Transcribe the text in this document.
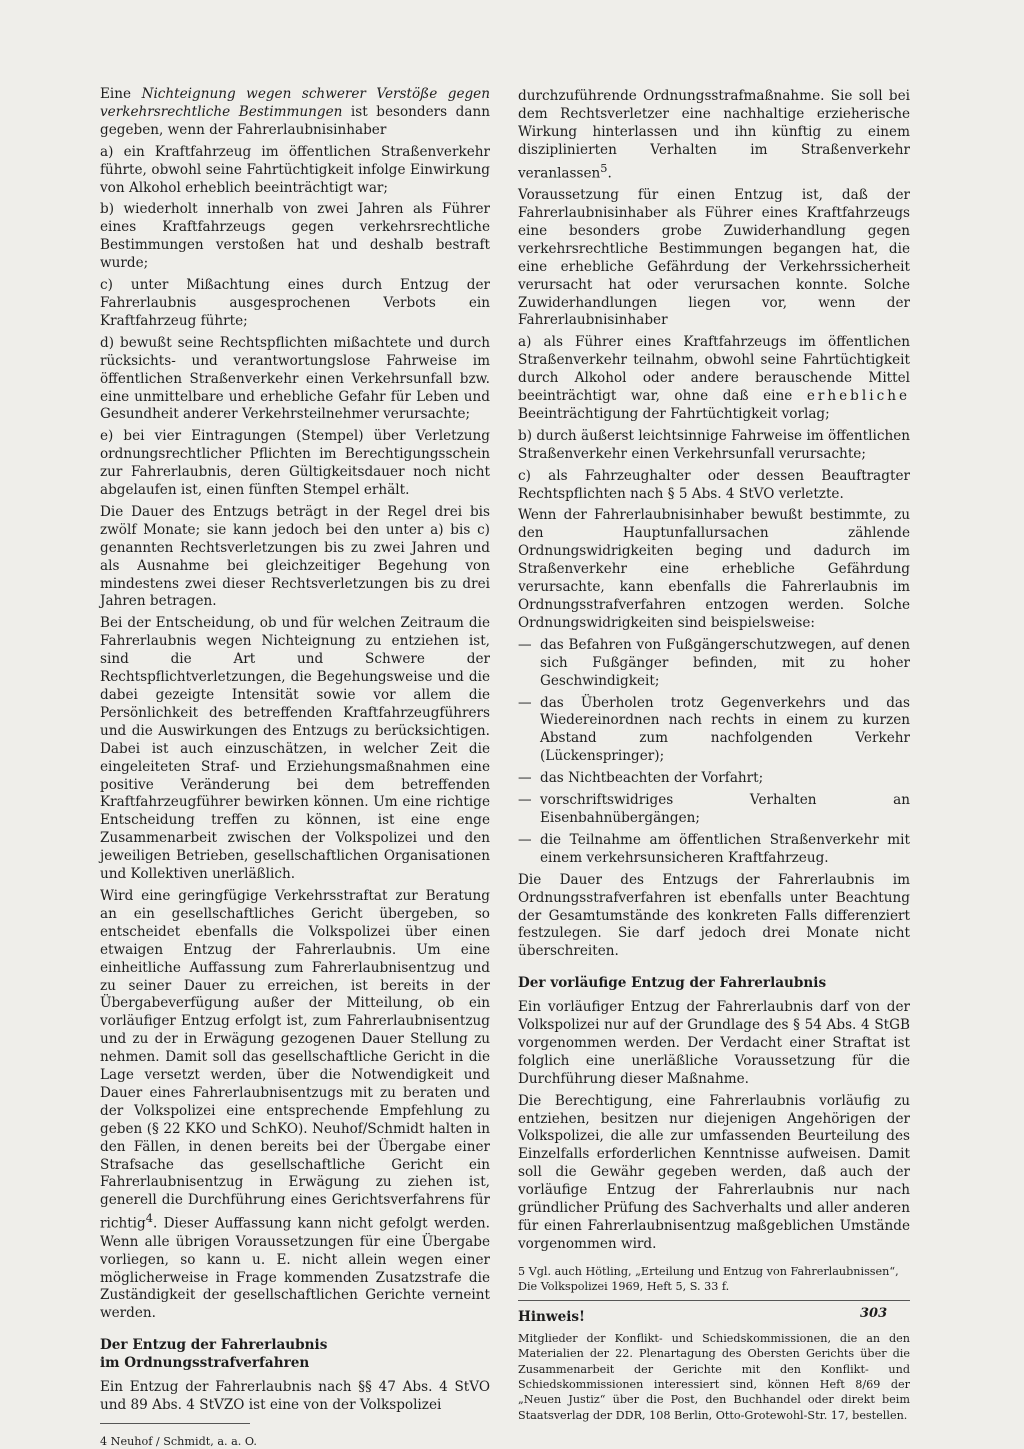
Eine Nichteignung wegen schwerer Verstöße gegen verkehrsrechtliche Bestimmungen ist besonders dann gegeben, wenn der Fahrerlaubnisinhaber

a) ein Kraftfahrzeug im öffentlichen Straßenverkehr führte, obwohl seine Fahrtüchtigkeit infolge Einwirkung von Alkohol erheblich beeinträchtigt war;

b) wiederholt innerhalb von zwei Jahren als Führer eines Kraftfahrzeugs gegen verkehrsrechtliche Bestimmungen verstoßen hat und deshalb bestraft wurde;

c) unter Mißachtung eines durch Entzug der Fahrerlaubnis ausgesprochenen Verbots ein Kraftfahrzeug führte;

d) bewußt seine Rechtspflichten mißachtete und durch rücksichts- und verantwortungslose Fahrweise im öffentlichen Straßenverkehr einen Verkehrsunfall bzw. eine unmittelbare und erhebliche Gefahr für Leben und Gesundheit anderer Verkehrsteilnehmer verursachte;

e) bei vier Eintragungen (Stempel) über Verletzung ordnungsrechtlicher Pflichten im Berechtigungsschein zur Fahrerlaubnis, deren Gültigkeitsdauer noch nicht abgelaufen ist, einen fünften Stempel erhält.

Die Dauer des Entzugs beträgt in der Regel drei bis zwölf Monate; sie kann jedoch bei den unter a) bis c) genannten Rechtsverletzungen bis zu zwei Jahren und als Ausnahme bei gleichzeitiger Begehung von mindestens zwei dieser Rechtsverletzungen bis zu drei Jahren betragen.

Bei der Entscheidung, ob und für welchen Zeitraum die Fahrerlaubnis wegen Nichteignung zu entziehen ist, sind die Art und Schwere der Rechtspflichtverletzungen, die Begehungsweise und die dabei gezeigte Intensität sowie vor allem die Persönlichkeit des betreffenden Kraftfahrzeugführers und die Auswirkungen des Entzugs zu berücksichtigen. Dabei ist auch einzuschätzen, in welcher Zeit die eingeleiteten Straf- und Erziehungsmaßnahmen eine positive Veränderung bei dem betreffenden Kraftfahrzeugführer bewirken können. Um eine richtige Entscheidung treffen zu können, ist eine enge Zusammenarbeit zwischen der Volkspolizei und den jeweiligen Betrieben, gesellschaftlichen Organisationen und Kollektiven unerläßlich.

Wird eine geringfügige Verkehrsstraftat zur Beratung an ein gesellschaftliches Gericht übergeben, so entscheidet ebenfalls die Volkspolizei über einen etwaigen Entzug der Fahrerlaubnis. Um eine einheitliche Auffassung zum Fahrerlaubnisentzug und zu seiner Dauer zu erreichen, ist bereits in der Übergabeverfügung außer der Mitteilung, ob ein vorläufiger Entzug erfolgt ist, zum Fahrerlaubnisentzug und zu der in Erwägung gezogenen Dauer Stellung zu nehmen. Damit soll das gesellschaftliche Gericht in die Lage versetzt werden, über die Notwendigkeit und Dauer eines Fahrerlaubnisentzugs mit zu beraten und der Volkspolizei eine entsprechende Empfehlung zu geben (§ 22 KKO und SchKO). Neuhof/Schmidt halten in den Fällen, in denen bereits bei der Übergabe einer Strafsache das gesellschaftliche Gericht ein Fahrerlaubnisentzug in Erwägung zu ziehen ist, generell die Durchführung eines Gerichtsverfahrens für richtig$^4$. Dieser Auffassung kann nicht gefolgt werden. Wenn alle übrigen Voraussetzungen für eine Übergabe vorliegen, so kann u. E. nicht allein wegen einer möglicherweise in Frage kommenden Zusatzstrafe die Zuständigkeit der gesellschaftlichen Gerichte verneint werden.

Der Entzug der Fahrerlaubnis
im Ordnungsstrafverfahren

Ein Entzug der Fahrerlaubnis nach §§ 47 Abs. 4 StVO und 89 Abs. 4 StVZO ist eine von der Volkspolizei

4 Neuhof / Schmidt, a. a. O.

durchzuführende Ordnungsstrafmaßnahme. Sie soll bei dem Rechtsverletzer eine nachhaltige erzieherische Wirkung hinterlassen und ihn künftig zu einem disziplinierten Verhalten im Straßenverkehr veranlassen$^5$.

Voraussetzung für einen Entzug ist, daß der Fahrerlaubnisinhaber als Führer eines Kraftfahrzeugs eine besonders grobe Zuwiderhandlung gegen verkehrsrechtliche Bestimmungen begangen hat, die eine erhebliche Gefährdung der Verkehrssicherheit verursacht hat oder verursachen konnte. Solche Zuwiderhandlungen liegen vor, wenn der Fahrerlaubnisinhaber

a) als Führer eines Kraftfahrzeugs im öffentlichen Straßenverkehr teilnahm, obwohl seine Fahrtüchtigkeit durch Alkohol oder andere berauschende Mittel beeinträchtigt war, ohne daß eine erhebliche Beeinträchtigung der Fahrtüchtigkeit vorlag;

b) durch äußerst leichtsinnige Fahrweise im öffentlichen Straßenverkehr einen Verkehrsunfall verursachte;

c) als Fahrzeughalter oder dessen Beauftragter Rechtspflichten nach § 5 Abs. 4 StVO verletzte.

Wenn der Fahrerlaubnisinhaber bewußt bestimmte, zu den Hauptunfallursachen zählende Ordnungswidrigkeiten beging und dadurch im Straßenverkehr eine erhebliche Gefährdung verursachte, kann ebenfalls die Fahrerlaubnis im Ordnungsstrafverfahren entzogen werden. Solche Ordnungswidrigkeiten sind beispielsweise:

— das Befahren von Fußgängerschutzwegen, auf denen sich Fußgänger befinden, mit zu hoher Geschwindigkeit;
— das Überholen trotz Gegenverkehrs und das Wiedereinordnen nach rechts in einem zu kurzen Abstand zum nachfolgenden Verkehr (Lückenspringer);
— das Nichtbeachten der Vorfahrt;
— vorschriftswidriges Verhalten an Eisenbahnübergängen;
— die Teilnahme am öffentlichen Straßenverkehr mit einem verkehrsunsicheren Kraftfahrzeug.

Die Dauer des Entzugs der Fahrerlaubnis im Ordnungsstrafverfahren ist ebenfalls unter Beachtung der Gesamtumstände des konkreten Falls differenziert festzulegen. Sie darf jedoch drei Monate nicht überschreiten.

Der vorläufige Entzug der Fahrerlaubnis

Ein vorläufiger Entzug der Fahrerlaubnis darf von der Volkspolizei nur auf der Grundlage des § 54 Abs. 4 StGB vorgenommen werden. Der Verdacht einer Straftat ist folglich eine unerläßliche Voraussetzung für die Durchführung dieser Maßnahme.

Die Berechtigung, eine Fahrerlaubnis vorläufig zu entziehen, besitzen nur diejenigen Angehörigen der Volkspolizei, die alle zur umfassenden Beurteilung des Einzelfalls erforderlichen Kenntnisse aufweisen. Damit soll die Gewähr gegeben werden, daß auch der vorläufige Entzug der Fahrerlaubnis nur nach gründlicher Prüfung des Sachverhalts und aller anderen für einen Fahrerlaubnisentzug maßgeblichen Umstände vorgenommen wird.

5 Vgl. auch Hötling, „Erteilung und Entzug von Fahrerlaubnissen“, Die Volkspolizei 1969, Heft 5, S. 33 f.
Hinweis!
Mitglieder der Konflikt- und Schiedskommissionen, die an den Materialien der 22. Plenartagung des Obersten Gerichts über die Zusammenarbeit der Gerichte mit den Konflikt- und Schiedskommissionen interessiert sind, können Heft 8/69 der „Neuen Justiz“ über die Post, den Buchhandel oder direkt beim Staatsverlag der DDR, 108 Berlin, Otto-Grotewohl-Str. 17, bestellen.
303
